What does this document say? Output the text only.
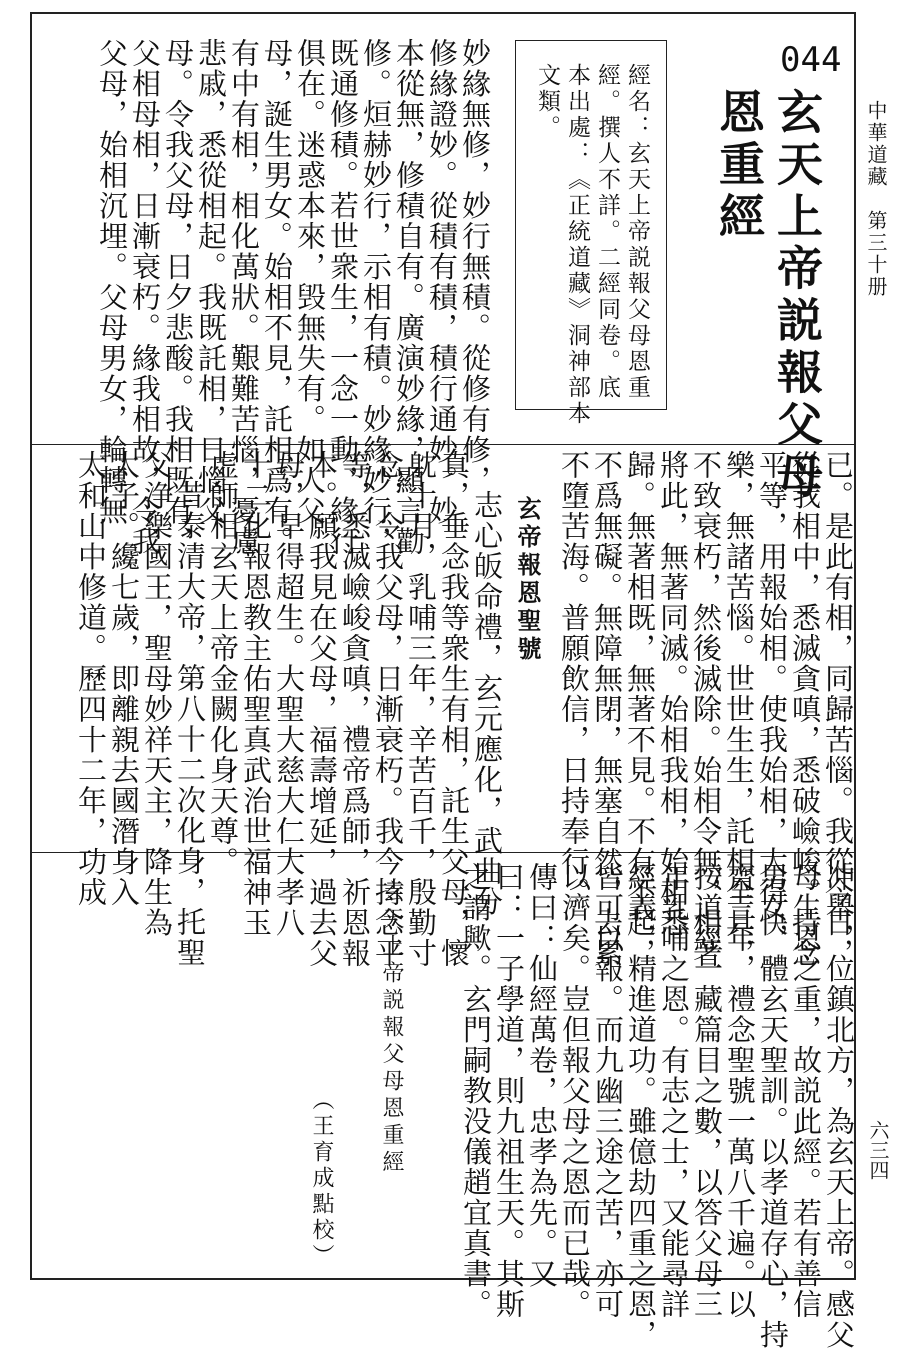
中華道藏　第三十册
六三四
044
玄天上帝説報父母
恩重經
經名：玄天上帝説報父母恩重
經。撰人不詳。二經同卷。底
本出處：《正統道藏》洞神部本
文類。
妙緣無修，妙行無積。從修有修，
修緣證妙。從積有積，積行通妙。妙
本從無，修積自有。廣演妙緣，顯言勸
修。烜赫妙行，示相有積。妙緣妙行，
既通修積。若世衆生，一念一動，緣行
俱在。迷惑本來，毁無失有。如人父
母，誕生男女。始相不見，託相爲有。
有中有相，相化萬狀。艱難苦惱，憂慮
悲戚，悉從相起。我既託相，日惱父
母。令我父母，日夕悲酸。我相既有，
父相母相，日漸衰朽。緣我相故，令我
父母，始相沉埋。父母男女，輪轉無
已。是此有相，同歸苦惱。我從今日，
從我相中，悉滅貪嗔，悉破嶮峻。持念
平等，用報始相。使我始相，大得快
樂，無諸苦惱。世世生生，託相全具，
不致衰朽，然後滅除。始相令無，相著
將此，無著同滅。始相我相，始相悉
歸。無著相既，無著不見。不有不起，
不爲無礙。無障無閉，無塞自然，去累
不墮苦海。普願飲信，日持奉行。
玄帝報恩聖號
志心皈命禮，玄元應化，武曲分
真，垂念我等衆生有相，託生父母，懷
躭十月，乳哺三年，辛苦百千，殷勤寸
念，令我父母，日漸衰朽。我今持念平
等，悉滅嶮峻貪嗔，禮帝爲師，祈恩報
本。願我見在父母，福壽增延，過去父
母，早得超生。大聖大慈大仁大孝八
十二化報恩教主佑聖真武治世福神玉
虚師相玄天上帝金闕化身天尊。
昔泰清大帝，第八十二次化身，托聖
父浄樂國王，聖母妙祥天主，降生為
太子。纔七歲，即離親去國潛身入
太和山中修道。歷四十二年，功成
冲舉，位鎮北方，為玄天上帝。感父
母生恩之重，故説此經。若有善信
男女，體玄天聖訓。以孝道存心，持
齋三年，禮念聖號一萬八千遍。以
按道經一藏篇目之數，以答父母三
年乳哺之恩。有志之士，又能尋詳
經義，精進道功。雖億劫四重之恩，
皆可以報。而九幽三途之苦，亦可
以濟矣。豈但報父母之恩而已哉。
傳曰：仙經萬卷，忠孝為先。又
曰：一子學道，則九祖生天。其斯
之謂歟。玄門嗣教没儀趙宜真書。
玄天上帝説報父母恩重經
（王育成點校）
